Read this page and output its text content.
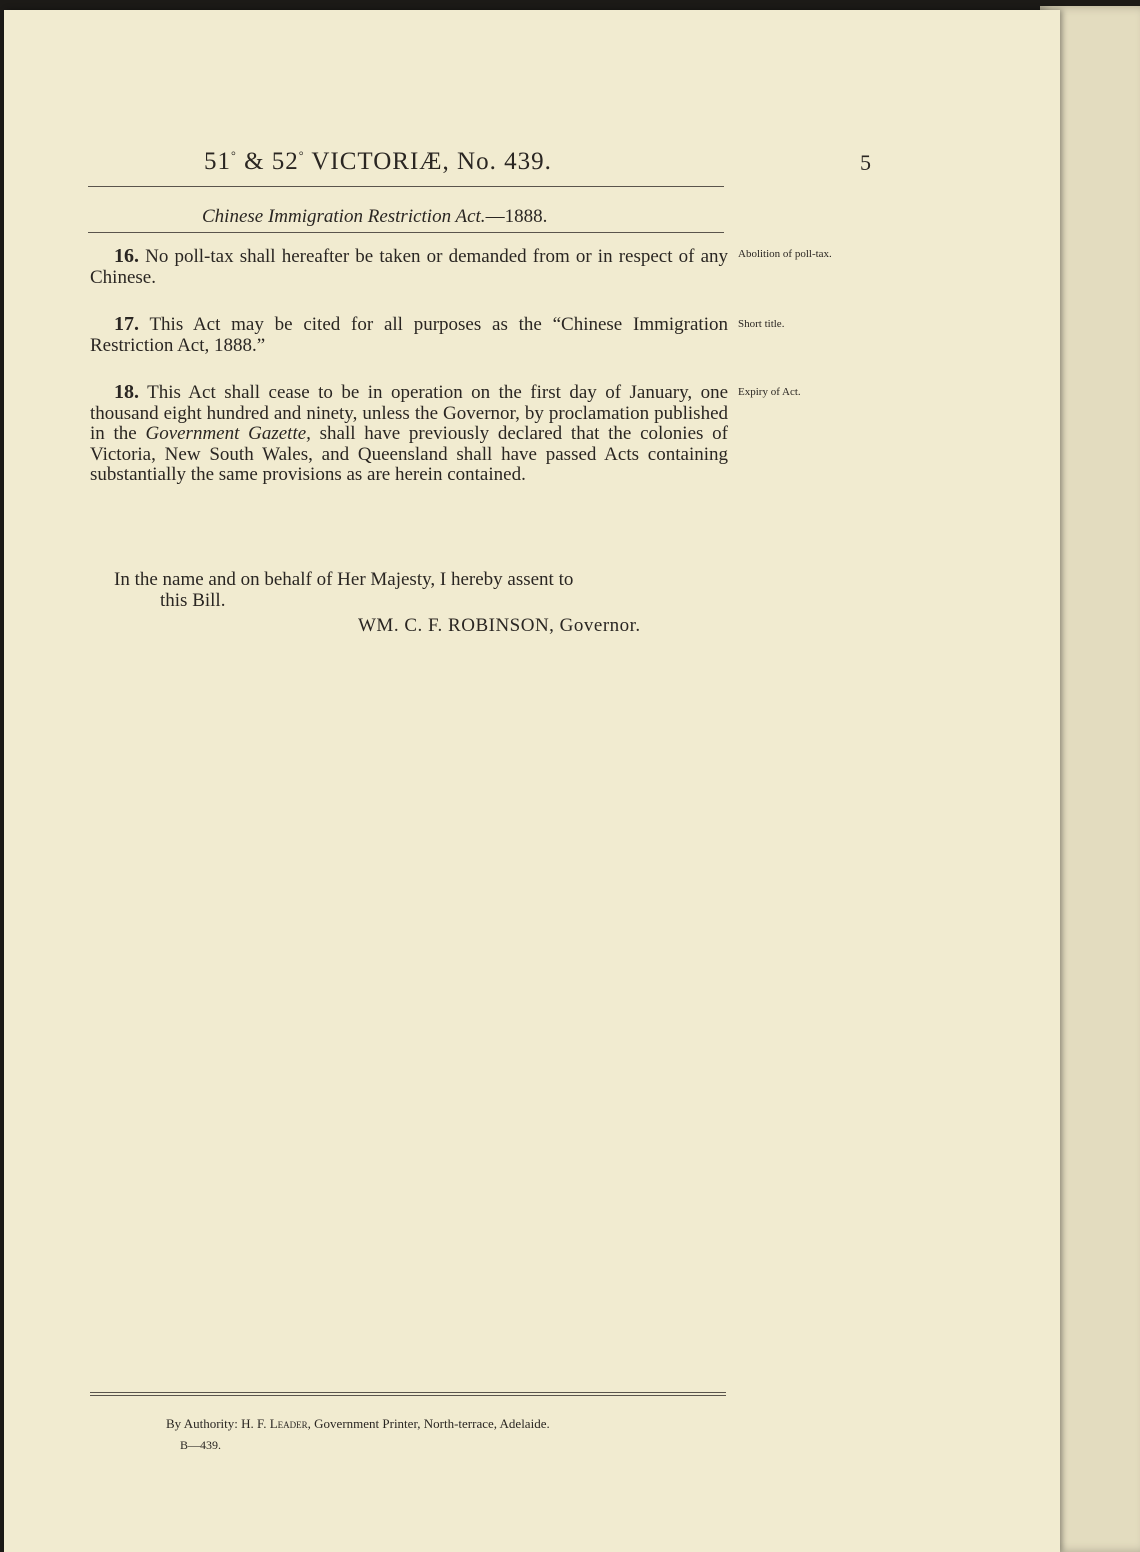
51° & 52° VICTORIÆ, No. 439.	5
Chinese Immigration Restriction Act.—1888.
16. No poll-tax shall hereafter be taken or demanded from or in respect of any Chinese.
Abolition of poll-tax.
17. This Act may be cited for all purposes as the “Chinese Immigration Restriction Act, 1888.”
Short title.
18. This Act shall cease to be in operation on the first day of January, one thousand eight hundred and ninety, unless the Governor, by proclamation published in the Government Gazette, shall have previously declared that the colonies of Victoria, New South Wales, and Queensland shall have passed Acts containing substantially the same provisions as are herein contained.
Expiry of Act.
In the name and on behalf of Her Majesty, I hereby assent to
this Bill.
WM. C. F. ROBINSON, Governor.
By Authority: H. F. Leader, Government Printer, North-terrace, Adelaide.
B—439.
